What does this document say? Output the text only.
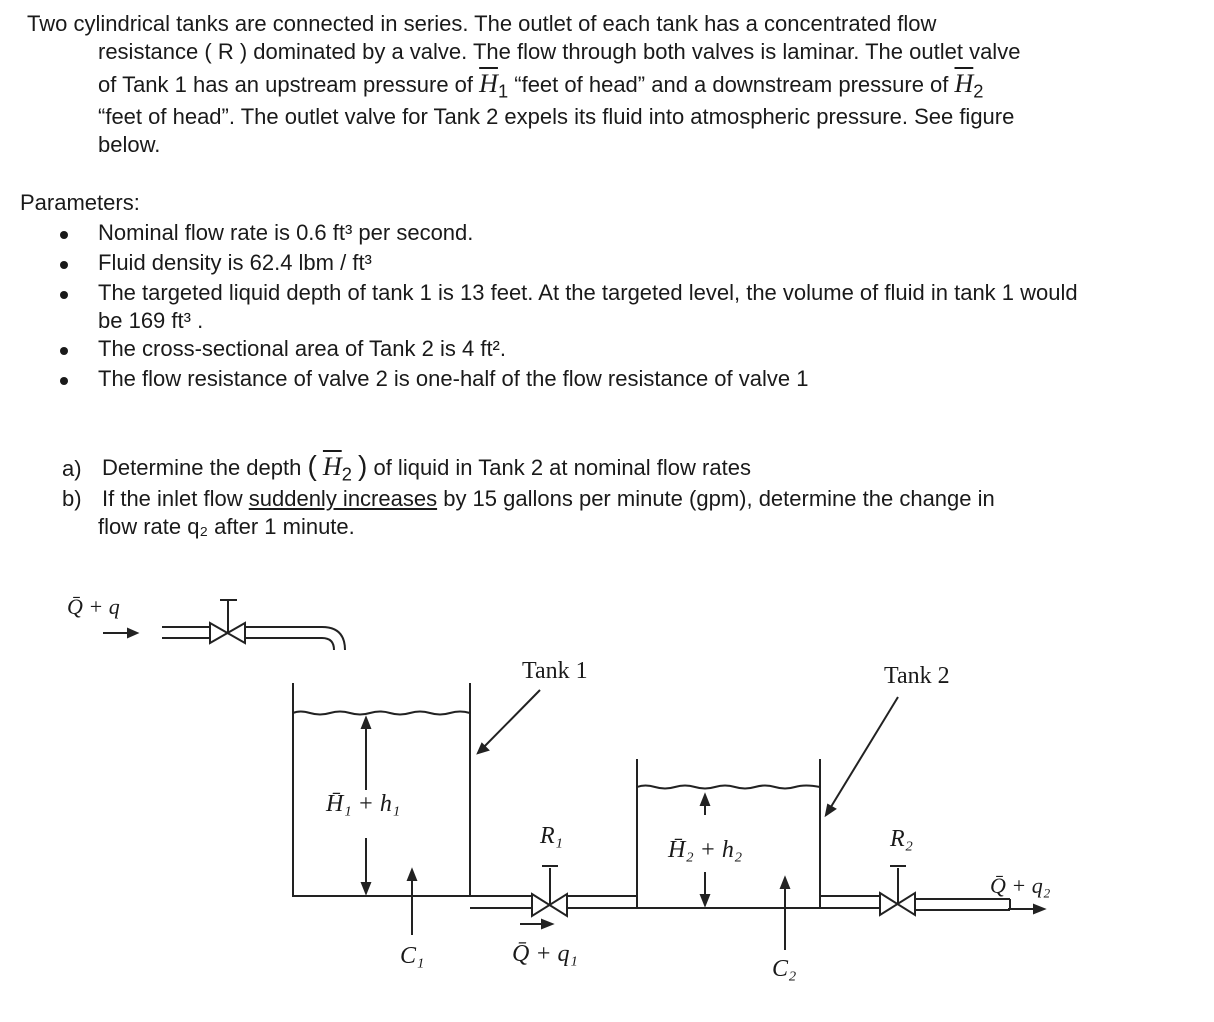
Two cylindrical tanks are connected in series. The outlet of each tank has a concentrated flow
resistance ( R ) dominated by a valve. The flow through both valves is laminar. The outlet valve
of Tank 1 has an upstream pressure of $\overline{H}_1$ “feet of head” and a downstream pressure of $\overline{H}_2$
“feet of head”. The outlet valve for Tank 2 expels its fluid into atmospheric pressure. See figure
below.
Parameters:
Nominal flow rate is 0.6 ft³ per second.
Fluid density is 62.4 lbm / ft³
The targeted liquid depth of tank 1 is 13 feet. At the targeted level, the volume of fluid in tank 1 would
be 169 ft³ .
The cross-sectional area of Tank 2 is 4 ft².
The flow resistance of valve 2 is one-half of the flow resistance of valve 1
a) Determine the depth ( $\overline{H}_2$ ) of liquid in Tank 2 at nominal flow rates
b) If the inlet flow suddenly increases by 15 gallons per minute (gpm), determine the change in
flow rate q₂ after 1 minute.
Q̄ + q
Tank 1	Tank 2
H̄₁ + h₁
H̄₂ + h₂
R₁	R₂
C₁	C₂
Q̄ + q₁
Q̄ + q₂
